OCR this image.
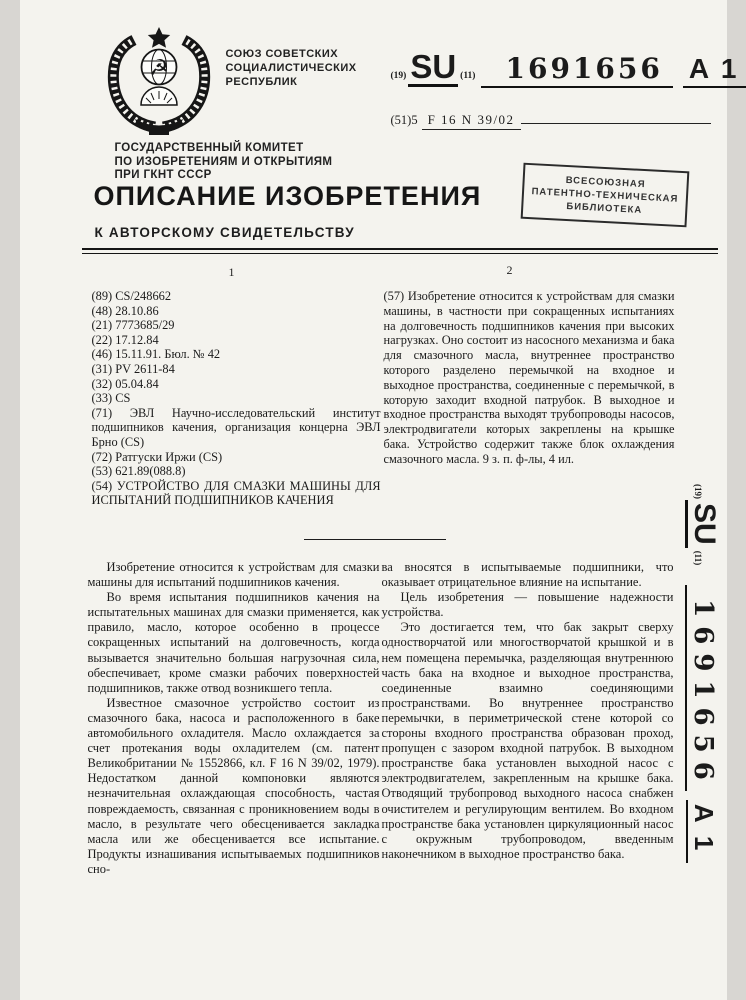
☭
СОЮЗ СОВЕТСКИХ
СОЦИАЛИСТИЧЕСКИХ
РЕСПУБЛИК	(19) SU (11)	1691656 А 1
(51)5 F 16 N 39/02
ГОСУДАРСТВЕННЫЙ КОМИТЕТ
ПО ИЗОБРЕТЕНИЯМ И ОТКРЫТИЯМ
ПРИ ГКНТ СССР
ОПИСАНИЕ ИЗОБРЕТЕНИЯ
К АВТОРСКОМУ СВИДЕТЕЛЬСТВУ
ВСЕСОЮЗНАЯ
ПАТЕНТНО-ТЕХНИЧЕСКАЯ
БИБЛИОТЕКА
1	2

(89) CS/248662

(48) 28.10.86

(21) 7773685/29

(22) 17.12.84

(46) 15.11.91. Бюл. № 42

(31) PV 2611-84

(32) 05.04.84

(33) CS

(71) ЭВЛ Научно-исследовательский институт подшипников качения, организация концерна ЭВЛ Брно (CS)

(72) Ратгуски Иржи (CS)

(53) 621.89(088.8)

(54) УСТРОЙСТВО ДЛЯ СМАЗКИ МАШИНЫ ДЛЯ ИСПЫТАНИЙ ПОДШИПНИКОВ КАЧЕНИЯ

(57) Изобретение относится к устройствам для смазки машины, в частности при сокращенных испытаниях на долговечность подшипников качения при высоких нагрузках. Оно состоит из насосного механизма и бака для смазочного масла, внутреннее пространство которого разделено перемычкой на входное и выходное пространства, соединенные с перемычкой, в которую заходит входной патрубок. В выходное и входное пространства выходят трубопроводы насосов, электродвигатели которых закреплены на крышке бака. Устройство содержит также блок охлаждения смазочного масла. 9 з. п. ф-лы, 4 ил.

Изобретение относится к устройствам для смазки машины для испытаний подшипников качения.

Во время испытания подшипников качения на испытательных машинах для смазки применяется, как правило, масло, которое особенно в процессе сокращенных испытаний на долговечность, когда вызывается значительно большая нагрузочная сила, обеспечивает, кроме смазки рабочих поверхностей подшипников, также отвод возникшего тепла.

Известное смазочное устройство состоит из смазочного бака, насоса и расположенного в баке автомобильного охладителя. Масло охлаждается за счет протекания воды охладителем (см. патент Великобритании № 1552866, кл. F 16 N 39/02, 1979). Недостатком данной компоновки являются незначительная охлаждающая способность, частая повреждаемость, связанная с проникновением воды в масло, в результате чего обесценивается закладка масла или же обесценивается все испытание. Продукты изнашивания испытываемых подшипников сно-

ва вносятся в испытываемые подшипники, что оказывает отрицательное влияние на испытание.

Цель изобретения — повышение надежности устройства.

Это достигается тем, что бак закрыт сверху одностворчатой или многостворчатой крышкой и в нем помещена перемычка, разделяющая внутреннюю часть бака на входное и выходное пространства, соединенные взаимно соединяющими пространствами. Во внутреннее пространство перемычки, в периметрической стене которой со стороны входного пространства образован проход, пропущен с зазором входной патрубок. В выходном пространстве бака установлен выходной насос с электродвигателем, закрепленным на крышке бака. Отводящий трубопровод выходного насоса снабжен очистителем и регулирующим вентилем. Во входном пространстве бака установлен циркуляционный насос с окружным трубопроводом, введенным наконечником в выходное пространство бака.

(19)
SU
(11)
1691656
А 1
